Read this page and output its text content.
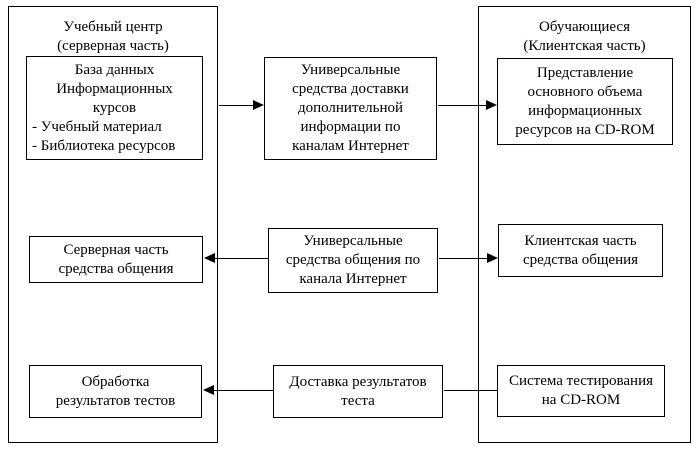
Учебный центр
(серверная часть)
Обучающиеся
(Клиентская часть)
База данных
Информационных
курсов
- Учебный материал
- Библиотека ресурсов
Универсальные
средства доставки
дополнительной
информации по
каналам Интернет
Представление
основного объема
информационных
ресурсов на CD-ROM
Серверная часть
средства общения
Универсальные
средства общения по
канала Интернет
Клиентская часть
средства общения
Обработка
результатов тестов
Доставка результатов
теста
Система тестирования
на CD-ROM
